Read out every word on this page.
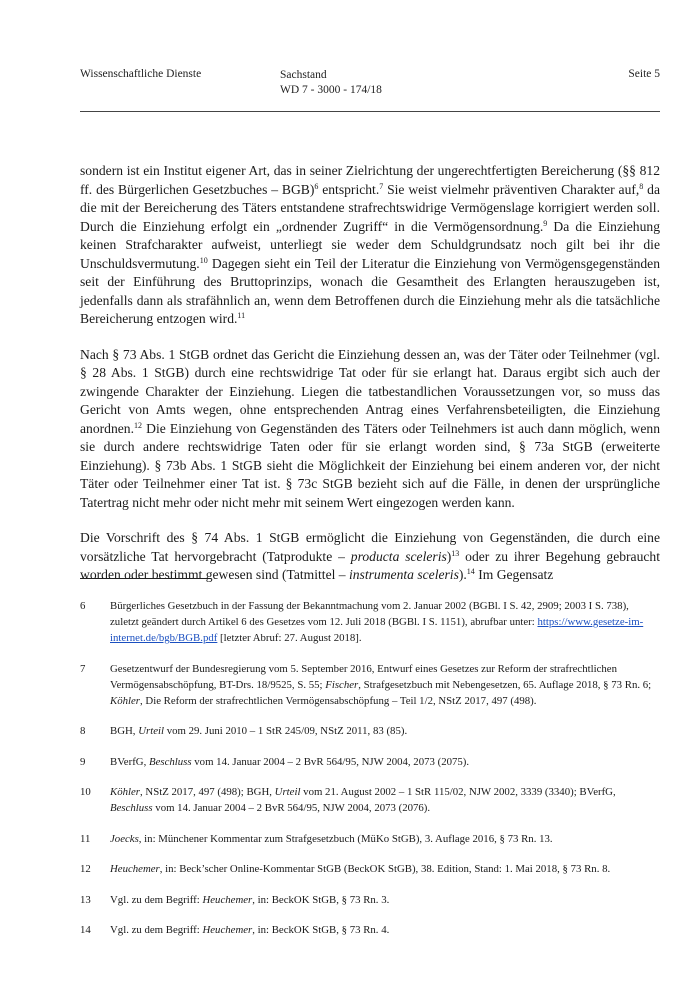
Wissenschaftliche Dienste	Sachstand
WD 7 - 3000 - 174/18
Seite 5

sondern ist ein Institut eigener Art, das in seiner Zielrichtung der ungerechtfertigten Bereicherung (§§ 812 ff. des Bürgerlichen Gesetzbuches – BGB)$^6$ entspricht.$^7$ Sie weist vielmehr präventiven Charakter auf,$^8$ da die mit der Bereicherung des Täters entstandene strafrechtswidrige Vermögenslage korrigiert werden soll. Durch die Einziehung erfolgt ein „ordnender Zugriff“ in die Vermögensordnung.$^9$ Da die Einziehung keinen Strafcharakter aufweist, unterliegt sie weder dem Schuldgrundsatz noch gilt bei ihr die Unschuldsvermutung.$^{10}$ Dagegen sieht ein Teil der Literatur die Einziehung von Vermögensgegenständen seit der Einführung des Bruttoprinzips, wonach die Gesamtheit des Erlangten herauszugeben ist, jedenfalls dann als strafähnlich an, wenn dem Betroffenen durch die Einziehung mehr als die tatsächliche Bereicherung entzogen wird.$^{11}$

Nach § 73 Abs. 1 StGB ordnet das Gericht die Einziehung dessen an, was der Täter oder Teilnehmer (vgl. § 28 Abs. 1 StGB) durch eine rechtswidrige Tat oder für sie erlangt hat. Daraus ergibt sich auch der zwingende Charakter der Einziehung. Liegen die tatbestandlichen Voraussetzungen vor, so muss das Gericht von Amts wegen, ohne entsprechenden Antrag eines Verfahrensbeteiligten, die Einziehung anordnen.$^{12}$ Die Einziehung von Gegenständen des Täters oder Teilnehmers ist auch dann möglich, wenn sie durch andere rechtswidrige Taten oder für sie erlangt worden sind, § 73a StGB (erweiterte Einziehung). § 73b Abs. 1 StGB sieht die Möglichkeit der Einziehung bei einem anderen vor, der nicht Täter oder Teilnehmer einer Tat ist. § 73c StGB bezieht sich auf die Fälle, in denen der ursprüngliche Tatertrag nicht mehr oder nicht mehr mit seinem Wert eingezogen werden kann.

Die Vorschrift des § 74 Abs. 1 StGB ermöglicht die Einziehung von Gegenständen, die durch eine vorsätzliche Tat hervorgebracht (Tatprodukte – producta sceleris)$^{13}$ oder zu ihrer Begehung gebraucht worden oder bestimmt gewesen sind (Tatmittel – instrumenta sceleris).$^{14}$ Im Gegensatz

6	Bürgerliches Gesetzbuch in der Fassung der Bekanntmachung vom 2. Januar 2002 (BGBl. I S. 42, 2909; 2003 I S. 738), zuletzt geändert durch Artikel 6 des Gesetzes vom 12. Juli 2018 (BGBl. I S. 1151), abrufbar unter: https://www.gesetze-im-internet.de/bgb/BGB.pdf [letzter Abruf: 27. August 2018].
7	Gesetzentwurf der Bundesregierung vom 5. September 2016, Entwurf eines Gesetzes zur Reform der strafrechtlichen Vermögensabschöpfung, BT-Drs. 18/9525, S. 55; Fischer, Strafgesetzbuch mit Nebengesetzen, 65. Auflage 2018, § 73 Rn. 6; Köhler, Die Reform der strafrechtlichen Vermögensabschöpfung – Teil 1/2, NStZ 2017, 497 (498).
8	BGH, Urteil vom 29. Juni 2010 – 1 StR 245/09, NStZ 2011, 83 (85).
9	BVerfG, Beschluss vom 14. Januar 2004 – 2 BvR 564/95, NJW 2004, 2073 (2075).
10	Köhler, NStZ 2017, 497 (498); BGH, Urteil vom 21. August 2002 – 1 StR 115/02, NJW 2002, 3339 (3340); BVerfG, Beschluss vom 14. Januar 2004 – 2 BvR 564/95, NJW 2004, 2073 (2076).
11	Joecks, in: Münchener Kommentar zum Strafgesetzbuch (MüKo StGB), 3. Auflage 2016, § 73 Rn. 13.
12	Heuchemer, in: Beck’scher Online-Kommentar StGB (BeckOK StGB), 38. Edition, Stand: 1. Mai 2018, § 73 Rn. 8.
13	Vgl. zu dem Begriff: Heuchemer, in: BeckOK StGB, § 73 Rn. 3.
14	Vgl. zu dem Begriff: Heuchemer, in: BeckOK StGB, § 73 Rn. 4.
